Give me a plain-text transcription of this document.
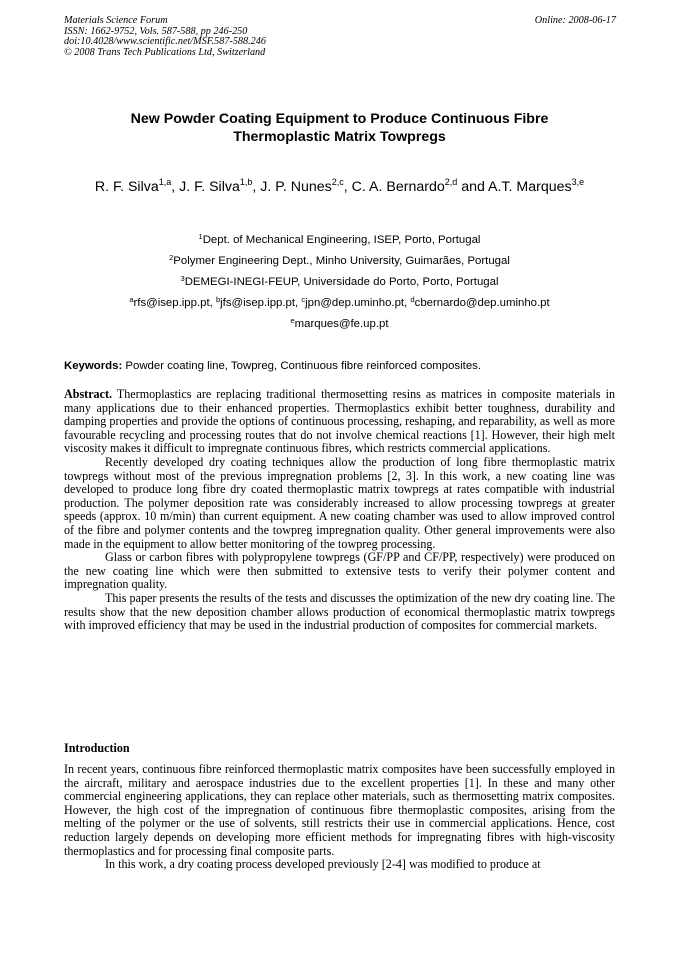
Materials Science Forum
ISSN: 1662-9752, Vols. 587-588, pp 246-250
doi:10.4028/www.scientific.net/MSF.587-588.246
© 2008 Trans Tech Publications Ltd, Switzerland
Online: 2008-06-17
New Powder Coating Equipment to Produce Continuous Fibre
Thermoplastic Matrix Towpregs
R. F. Silva$^{1,a}$, J. F. Silva$^{1,b}$, J. P. Nunes$^{2,c}$, C. A. Bernardo$^{2,d}$ and A.T. Marques$^{3,e}$
$^1$Dept. of Mechanical Engineering, ISEP, Porto, Portugal
$^2$Polymer Engineering Dept., Minho University, Guimarães, Portugal
$^3$DEMEGI-INEGI-FEUP, Universidade do Porto, Porto, Portugal
$^a$rfs@isep.ipp.pt, $^b$jfs@isep.ipp.pt, $^c$jpn@dep.uminho.pt, $^d$cbernardo@dep.uminho.pt
$^e$marques@fe.up.pt
Keywords: Powder coating line, Towpreg, Continuous fibre reinforced composites.

Abstract. Thermoplastics are replacing traditional thermosetting resins as matrices in composite materials in many applications due to their enhanced properties. Thermoplastics exhibit better toughness, durability and damping properties and provide the options of continuous processing, reshaping, and reparability, as well as more favourable recycling and processing routes that do not involve chemical reactions [1]. However, their high melt viscosity makes it difficult to impregnate continuous fibres, which restricts commercial applications.

Recently developed dry coating techniques allow the production of long fibre thermoplastic matrix towpregs without most of the previous impregnation problems [2, 3]. In this work, a new coating line was developed to produce long fibre dry coated thermoplastic matrix towpregs at rates compatible with industrial production. The polymer deposition rate was considerably increased to allow processing towpregs at greater speeds (approx. 10 m/min) than current equipment. A new coating chamber was used to allow improved control of the fibre and polymer contents and the towpreg impregnation quality. Other general improvements were also made in the equipment to allow better monitoring of the towpreg processing.

Glass or carbon fibres with polypropylene towpregs (GF/PP and CF/PP, respectively) were produced on the new coating line which were then submitted to extensive tests to verify their polymer content and impregnation quality.

This paper presents the results of the tests and discusses the optimization of the new dry coating line. The results show that the new deposition chamber allows production of economical thermoplastic matrix towpregs with improved efficiency that may be used in the industrial production of composites for commercial markets.

Introduction

In recent years, continuous fibre reinforced thermoplastic matrix composites have been successfully employed in the aircraft, military and aerospace industries due to the excellent properties [1]. In these and many other commercial engineering applications, they can replace other materials, such as thermosetting matrix composites. However, the high cost of the impregnation of continuous fibre thermoplastic composites, arising from the melting of the polymer or the use of solvents, still restricts their use in commercial applications. Hence, cost reduction largely depends on developing more efficient methods for impregnating fibres with high-viscosity thermoplastics and for processing final composite parts.

In this work, a dry coating process developed previously [2-4] was modified to produce at
